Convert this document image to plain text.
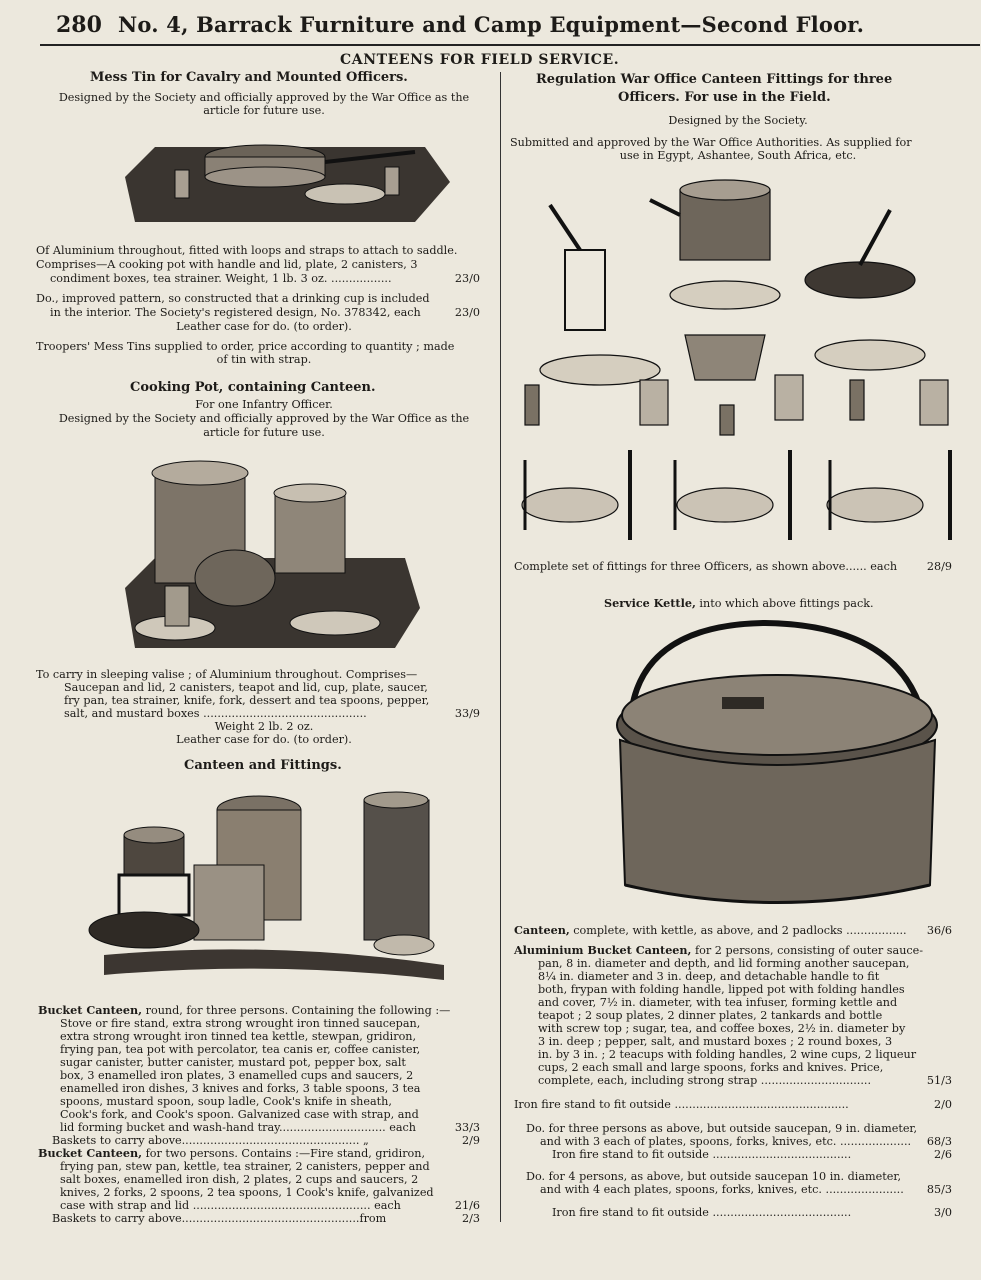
280 No. 4, Barrack Furniture and Camp Equipment—Second Floor.
CANTEENS FOR FIELD SERVICE.
Mess Tin for Cavalry and Mounted Officers.
Designed by the Society and officially approved by the War Office as the
article for future use.
Of Aluminium throughout, fitted with loops and straps to attach to saddle.
Comprises—A cooking pot with handle and lid, plate, 2 canisters, 3
condiment boxes, tea strainer. Weight, 1 lb. 3 oz. .................	23/0
Do., improved pattern, so constructed that a drinking cup is included
in the interior. The Society's registered design, No. 378342, each	23/0
Leather case for do. (to order).
Troopers' Mess Tins supplied to order, price according to quantity ; made
of tin with strap.
Cooking Pot, containing Canteen.
For one Infantry Officer.
Designed by the Society and officially approved by the War Office as the
article for future use.
To carry in sleeping valise ; of Aluminium throughout. Comprises—
Saucepan and lid, 2 canisters, teapot and lid, cup, plate, saucer,
fry pan, tea strainer, knife, fork, dessert and tea spoons, pepper,
salt, and mustard boxes ..............................................	33/9
Weight 2 lb. 2 oz.
Leather case for do. (to order).
Canteen and Fittings.
Bucket Canteen, round, for three persons. Containing the following :—
Stove or fire stand, extra strong wrought iron tinned saucepan,
extra strong wrought iron tinned tea kettle, stewpan, gridiron,
frying pan, tea pot with percolator, tea canis er, coffee canister,
sugar canister, butter canister, mustard pot, pepper box, salt
box, 3 enamelled iron plates, 3 enamelled cups and saucers, 2
enamelled iron dishes, 3 knives and forks, 3 table spoons, 3 tea
spoons, mustard spoon, soup ladle, Cook's knife in sheath,
Cook's fork, and Cook's spoon. Galvanized case with strap, and
lid forming bucket and wash-hand tray.............................. each	33/3
Baskets to carry above.................................................. „	2/9
Bucket Canteen, for two persons. Contains :—Fire stand, gridiron,
frying pan, stew pan, kettle, tea strainer, 2 canisters, pepper and
salt boxes, enamelled iron dish, 2 plates, 2 cups and saucers, 2
knives, 2 forks, 2 spoons, 2 tea spoons, 1 Cook's knife, galvanized
case with strap and lid .................................................. each	21/6
Baskets to carry above..................................................from	2/3
Regulation War Office Canteen Fittings for three
Officers. For use in the Field.
Designed by the Society.
Submitted and approved by the War Office Authorities. As supplied for
use in Egypt, Ashantee, South Africa, etc.
Complete set of fittings for three Officers, as shown above...... each	28/9
Service Kettle, into which above fittings pack.
Canteen, complete, with kettle, as above, and 2 padlocks .................	36/6
Aluminium Bucket Canteen, for 2 persons, consisting of outer sauce-
pan, 8 in. diameter and depth, and lid forming another saucepan,
8¼ in. diameter and 3 in. deep, and detachable handle to fit
both, frypan with folding handle, lipped pot with folding handles
and cover, 7½ in. diameter, with tea infuser, forming kettle and
teapot ; 2 soup plates, 2 dinner plates, 2 tankards and bottle
with screw top ; sugar, tea, and coffee boxes, 2½ in. diameter by
3 in. deep ; pepper, salt, and mustard boxes ; 2 round boxes, 3
in. by 3 in. ; 2 teacups with folding handles, 2 wine cups, 2 liqueur
cups, 2 each small and large spoons, forks and knives. Price,
complete, each, including strong strap ...............................	51/3
Iron fire stand to fit outside .................................................	2/0
Do. for three persons as above, but outside saucepan, 9 in. diameter,
and with 3 each of plates, spoons, forks, knives, etc. ....................	68/3
Iron fire stand to fit outside .......................................	2/6
Do. for 4 persons, as above, but outside saucepan 10 in. diameter,
and with 4 each plates, spoons, forks, knives, etc. ......................	85/3
Iron fire stand to fit outside .......................................	3/0
